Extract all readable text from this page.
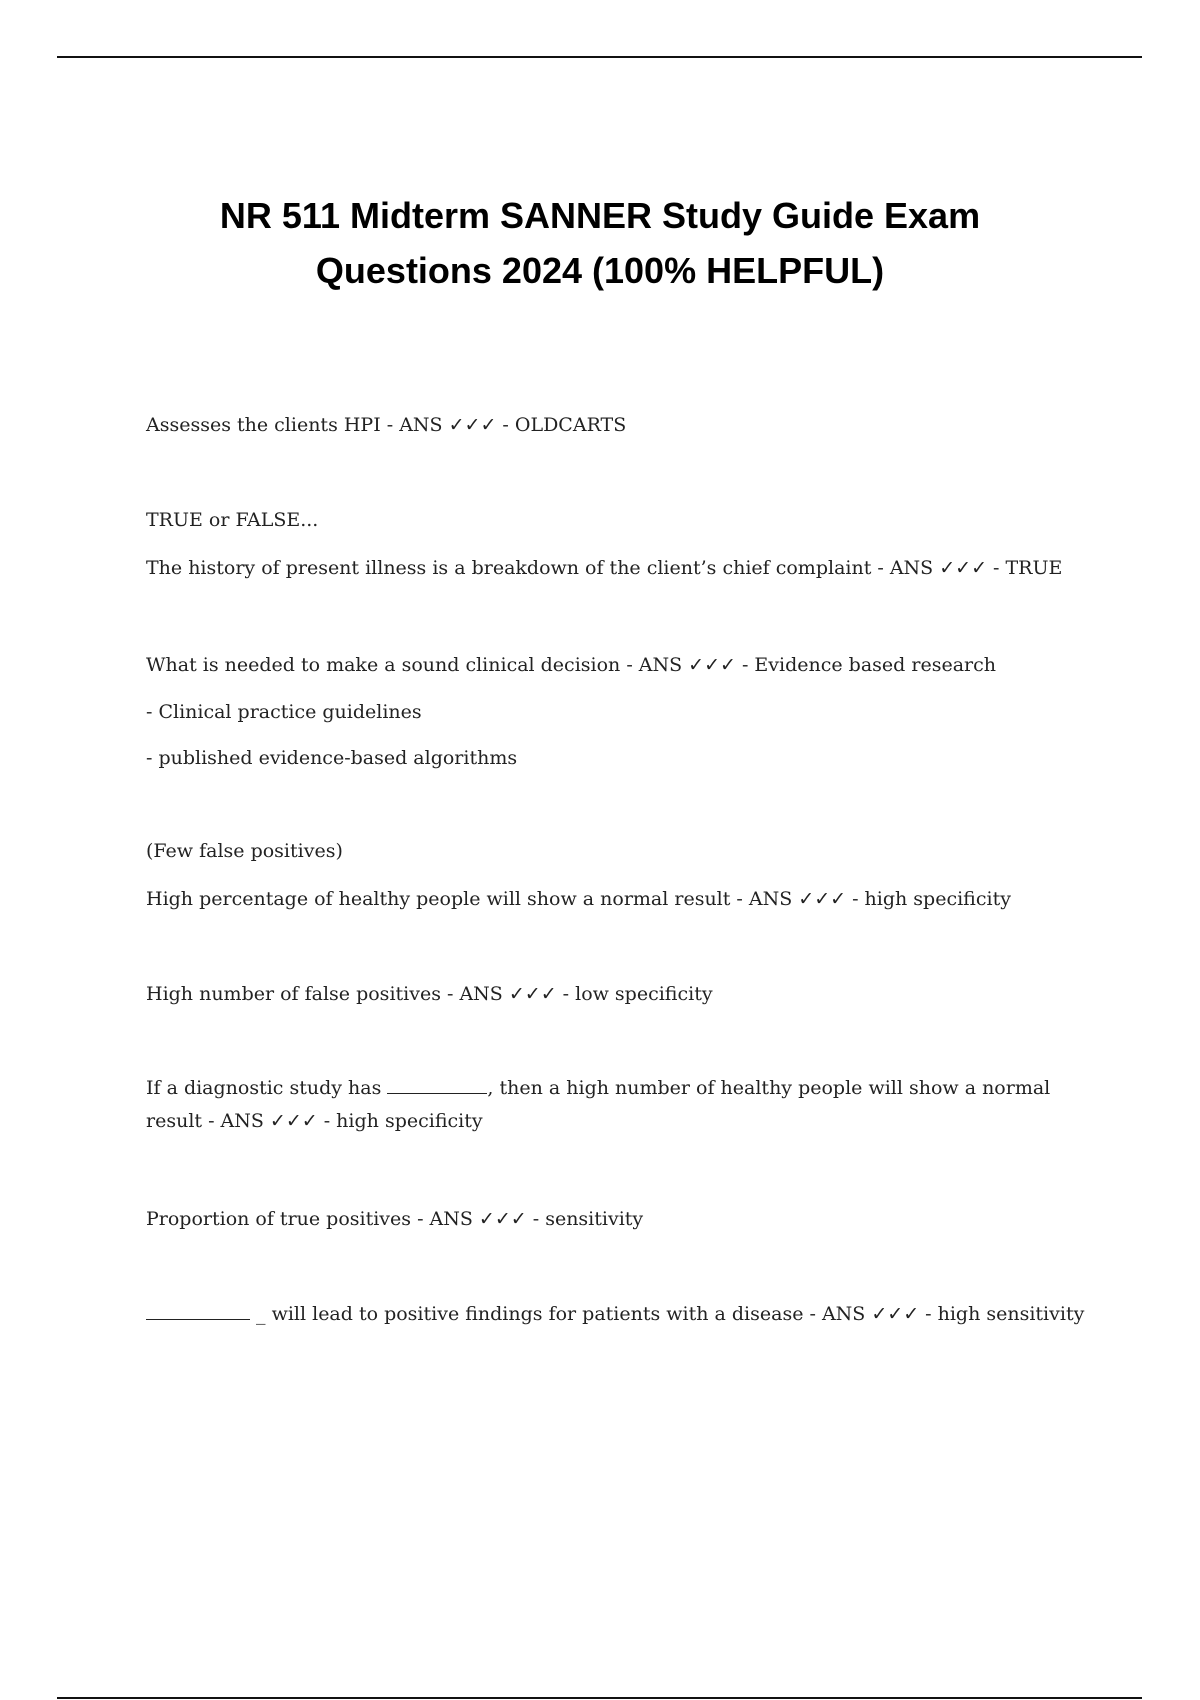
NR 511 Midterm SANNER Study Guide Exam
Questions 2024 (100% HELPFUL)

Assesses the clients HPI - ANS ✓✓✓ - OLDCARTS

TRUE or FALSE...

The history of present illness is a breakdown of the client’s chief complaint - ANS ✓✓✓ - TRUE

What is needed to make a sound clinical decision - ANS ✓✓✓ - Evidence based research

- Clinical practice guidelines

- published evidence-based algorithms

(Few false positives)

High percentage of healthy people will show a normal result - ANS ✓✓✓ - high specificity

High number of false positives - ANS ✓✓✓ - low specificity

If a diagnostic study has	, then a high number of healthy people will show a normal result - ANS ✓✓✓ - high specificity

Proportion of true positives - ANS ✓✓✓ - sensitivity

_ will lead to positive findings for patients with a disease - ANS ✓✓✓ - high sensitivity
